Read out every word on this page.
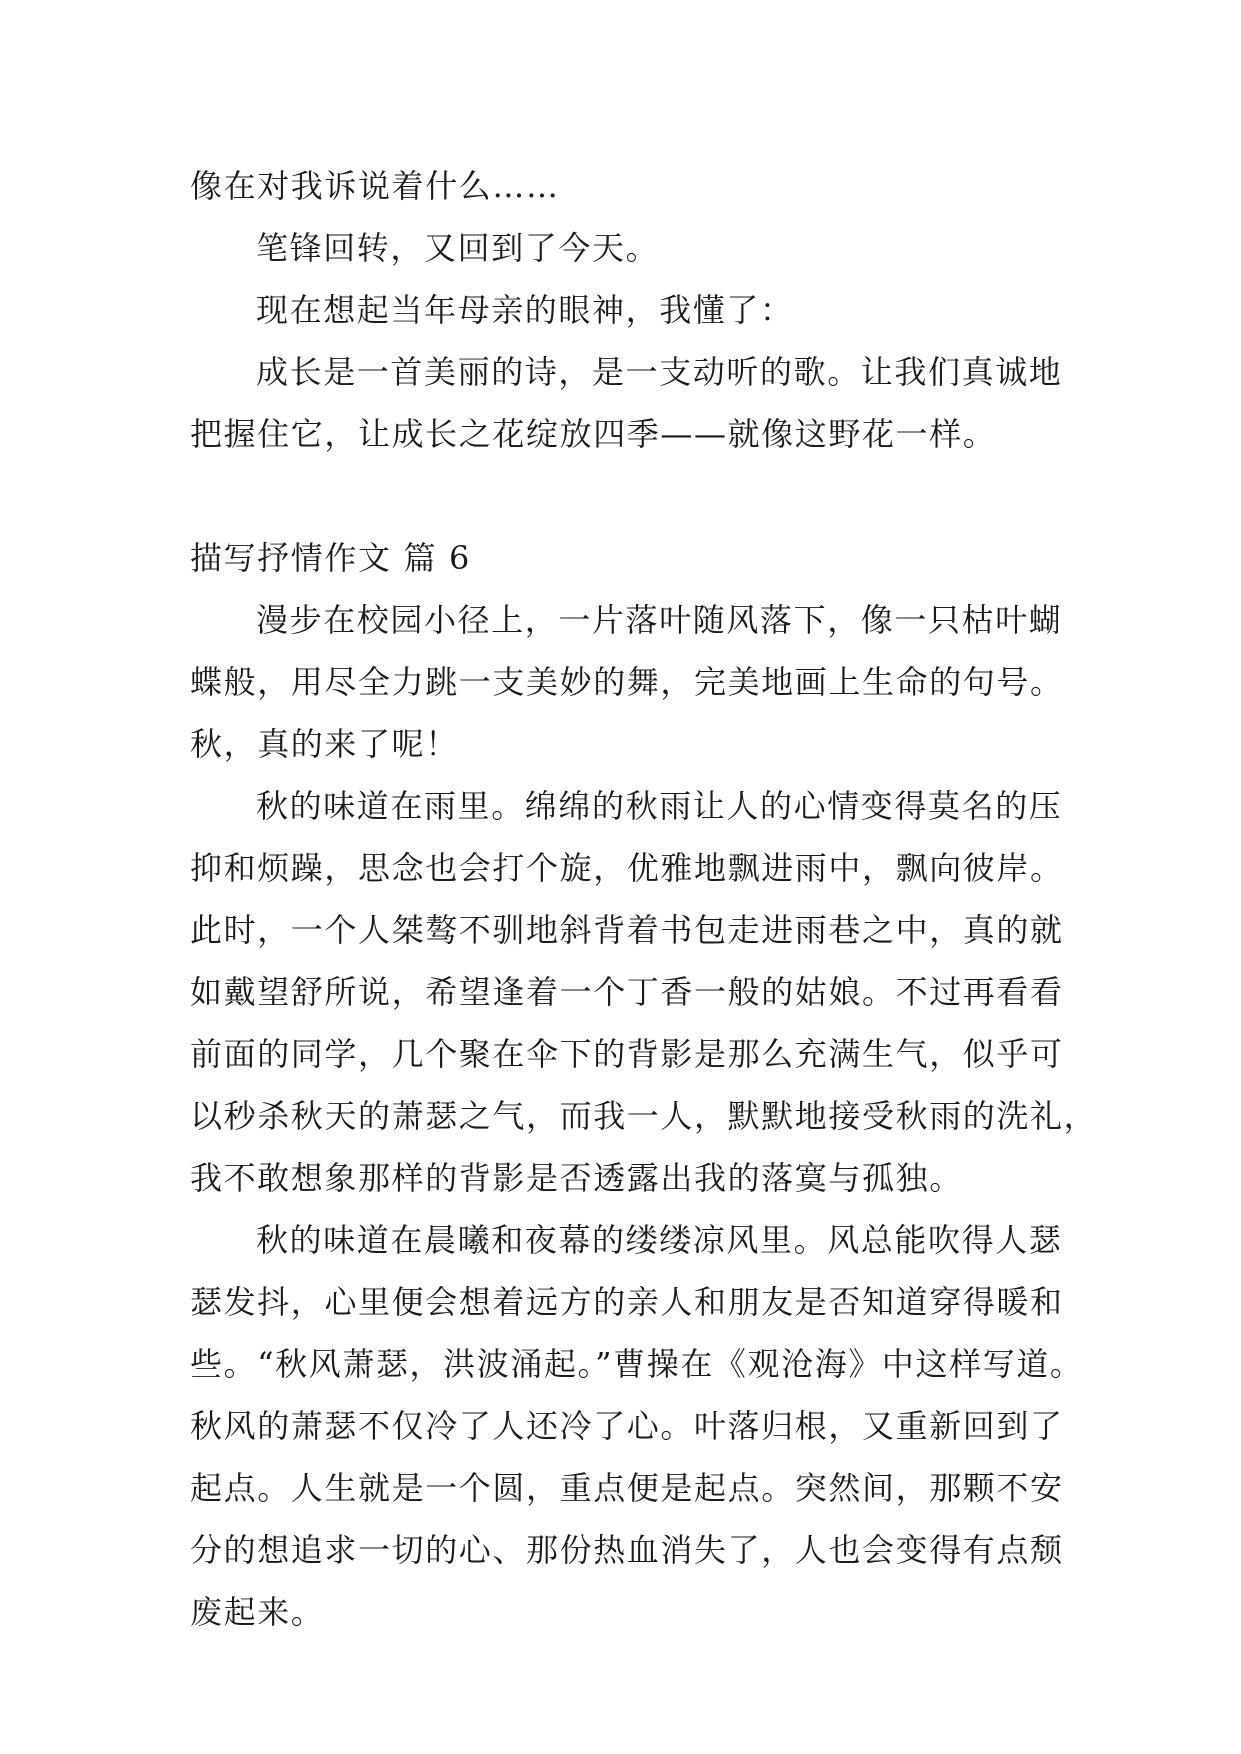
像在对我诉说着什么……

笔锋回转，又回到了今天。

现在想起当年母亲的眼神，我懂了：

成长是一首美丽的诗，是一支动听的歌。让我们真诚地
把握住它，让成长之花绽放四季——就像这野花一样。

描写抒情作文 篇 6

漫步在校园小径上，一片落叶随风落下，像一只枯叶蝴
蝶般，用尽全力跳一支美妙的舞，完美地画上生命的句号。
秋，真的来了呢！

秋的味道在雨里。绵绵的秋雨让人的心情变得莫名的压
抑和烦躁，思念也会打个旋，优雅地飘进雨中，飘向彼岸。
此时，一个人桀骜不驯地斜背着书包走进雨巷之中，真的就
如戴望舒所说，希望逢着一个丁香一般的姑娘。不过再看看
前面的同学，几个聚在伞下的背影是那么充满生气，似乎可
以秒杀秋天的萧瑟之气，而我一人，默默地接受秋雨的洗礼，
我不敢想象那样的背影是否透露出我的落寞与孤独。

秋的味道在晨曦和夜幕的缕缕凉风里。风总能吹得人瑟
瑟发抖，心里便会想着远方的亲人和朋友是否知道穿得暖和
些。“秋风萧瑟，洪波涌起。”曹操在《观沧海》中这样写道。
秋风的萧瑟不仅冷了人还冷了心。叶落归根，又重新回到了
起点。人生就是一个圆，重点便是起点。突然间，那颗不安
分的想追求一切的心、那份热血消失了，人也会变得有点颓
废起来。
